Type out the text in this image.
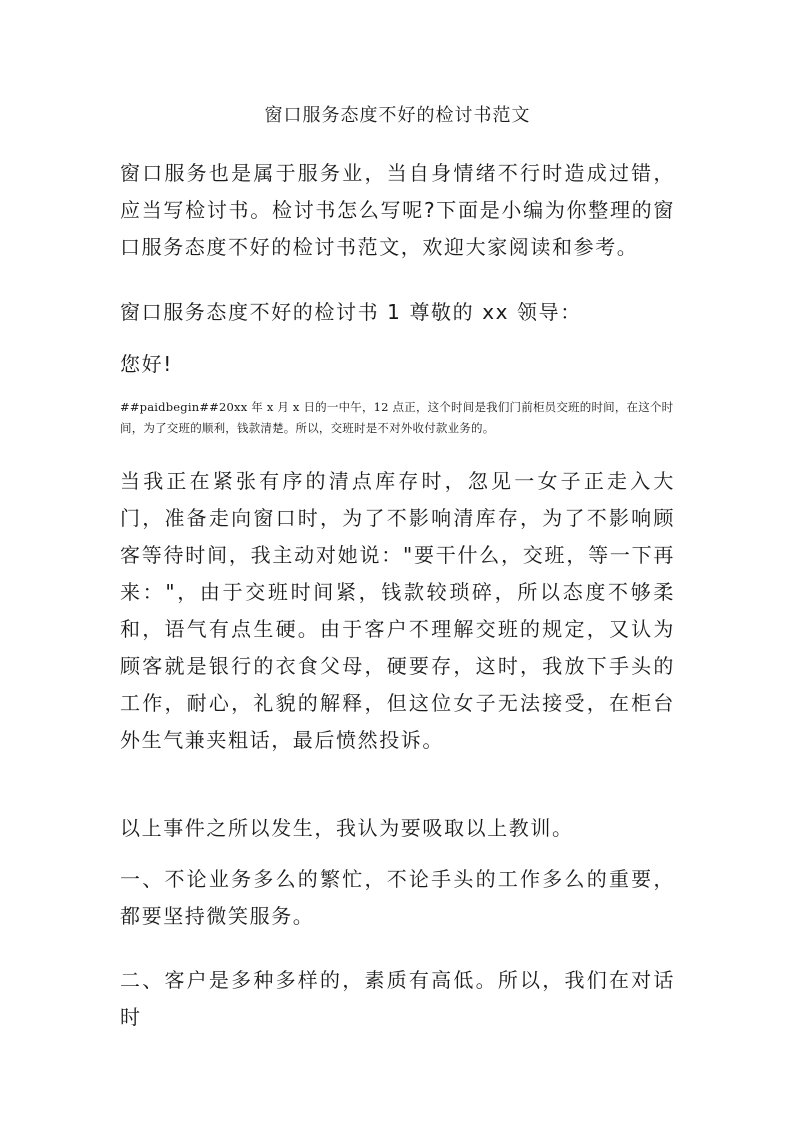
窗口服务态度不好的检讨书范文

窗口服务也是属于服务业，当自身情绪不行时造成过错，应当写检讨书。检讨书怎么写呢?下面是小编为你整理的窗口服务态度不好的检讨书范文，欢迎大家阅读和参考。

窗口服务态度不好的检讨书 1 尊敬的 xx 领导：

您好!

##paidbegin##20xx 年 x 月 x 日的一中午，12 点正，这个时间是我们门前柜员交班的时间，在这个时间，为了交班的顺利，钱款清楚。所以，交班时是不对外收付款业务的。

当我正在紧张有序的清点库存时，忽见一女子正走入大门，准备走向窗口时，为了不影响清库存，为了不影响顾客等待时间，我主动对她说："要干什么，交班，等一下再来："，由于交班时间紧，钱款较琐碎，所以态度不够柔和，语气有点生硬。由于客户不理解交班的规定，又认为顾客就是银行的衣食父母，硬要存，这时，我放下手头的工作，耐心，礼貌的解释，但这位女子无法接受，在柜台外生气兼夹粗话，最后愤然投诉。

以上事件之所以发生，我认为要吸取以上教训。

一、不论业务多么的繁忙，不论手头的工作多么的重要，都要坚持微笑服务。

二、客户是多种多样的，素质有高低。所以，我们在对话时
